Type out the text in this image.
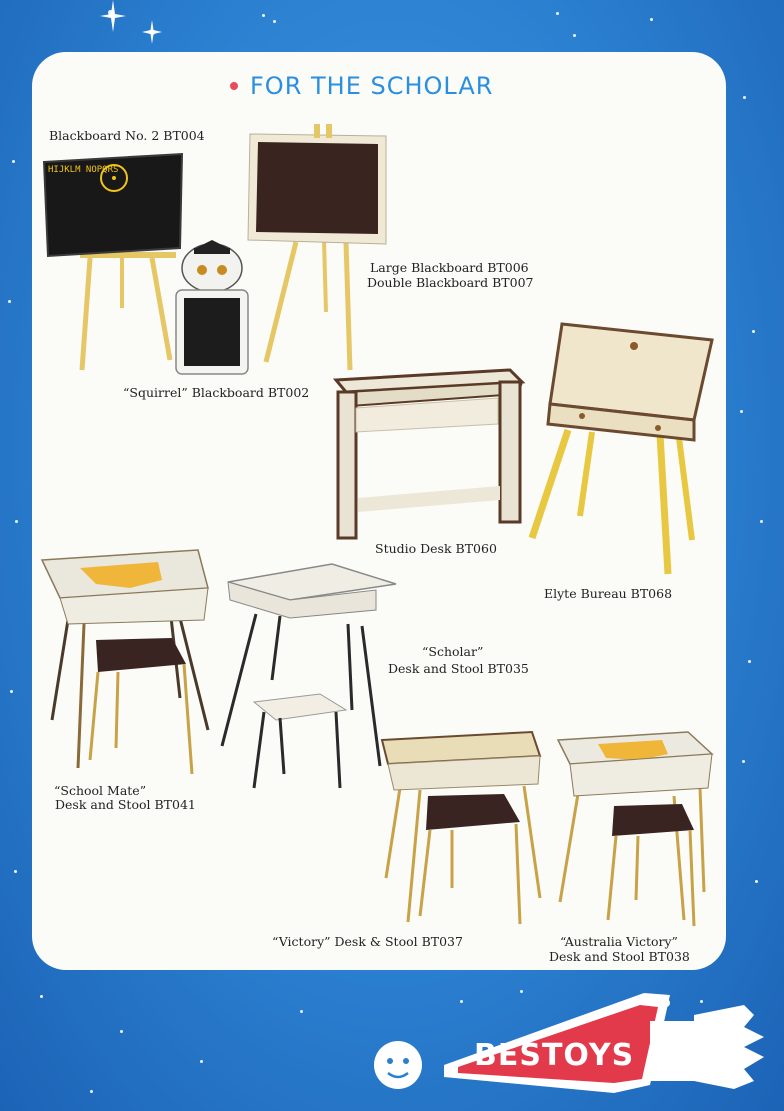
FOR THE SCHOLAR
Blackboard No. 2 BT004
HIJKLM NOPQRS
Large Blackboard BT006
Double Blackboard BT007
“Squirrel” Blackboard BT002
Studio Desk BT060
Elyte Bureau BT068
“School Mate”
Desk and Stool BT041
“Scholar”
Desk and Stool BT035
“Victory” Desk & Stool BT037	“Australia Victory”
Desk and Stool BT038
BESTOYS
